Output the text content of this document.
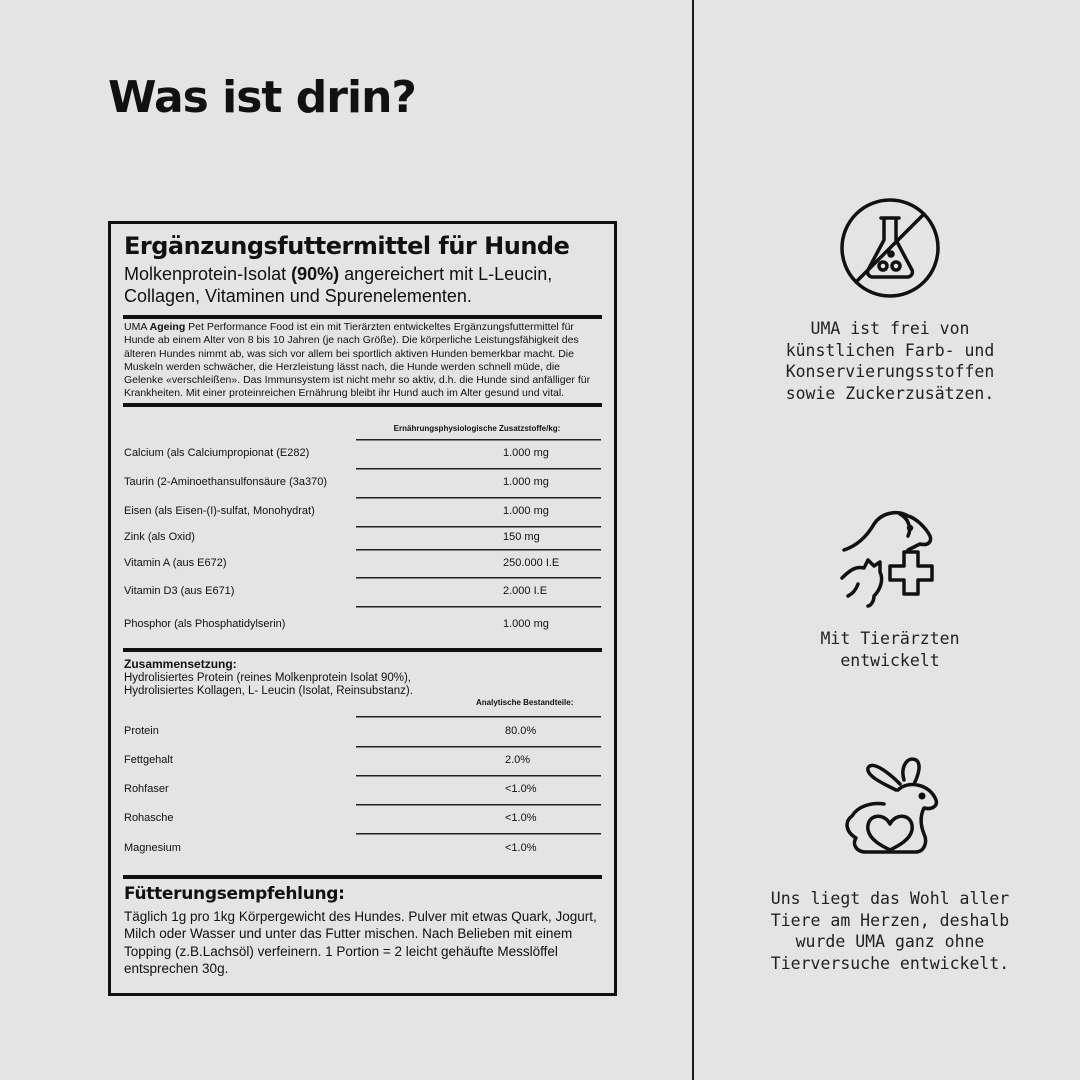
Was ist drin?
Ergänzungsfuttermittel für Hunde
Molkenprotein-Isolat (90%) angereichert mit L-Leucin, Collagen, Vitaminen und Spurenelementen.
UMA Ageing Pet Performance Food ist ein mit Tierärzten entwickeltes Ergänzungsfuttermittel für Hunde ab einem Alter von 8 bis 10 Jahren (je nach Größe). Die körperliche Leistungsfähigkeit des älteren Hundes nimmt ab, was sich vor allem bei sportlich aktiven Hunden bemerkbar macht. Die Muskeln werden schwächer, die Herzleistung lässt nach, die Hunde werden schnell müde, die Gelenke «verschleißen». Das Immunsystem ist nicht mehr so aktiv, d.h. die Hunde sind anfälliger für Krankheiten. Mit einer proteinreichen Ernährung bleibt ihr Hund auch im Alter gesund und vital.
Ernährungsphysiologische Zusatzstoffe/kg:
Calcium (als Calciumpropionat (E282)	1.000 mg
Taurin (2-Aminoethansulfonsäure (3a370)	1.000 mg
Eisen (als Eisen-(I)-sulfat, Monohydrat)	1.000 mg
Zink (als Oxid)	150 mg
Vitamin A (aus E672)	250.000 I.E
Vitamin D3 (aus E671)	2.000 I.E
Phosphor (als Phosphatidylserin)	1.000 mg
Zusammensetzung:
Hydrolisiertes Protein (reines Molkenprotein Isolat 90%), Hydrolisiertes Kollagen, L- Leucin (Isolat, Reinsubstanz).
Analytische Bestandteile:
Protein	80.0%
Fettgehalt	2.0%
Rohfaser	<1.0%
Rohasche	<1.0%
Magnesium	<1.0%
Fütterungsempfehlung:
Täglich 1g pro 1kg Körpergewicht des Hundes. Pulver mit etwas Quark, Jogurt, Milch oder Wasser und unter das Futter mischen. Nach Belieben mit einem Topping (z.B.Lachsöl) verfeinern. 1 Portion = 2 leicht gehäufte Messlöffel entsprechen 30g.
UMA ist frei von künstlichen Farb- und Konservierungsstoffen sowie Zuckerzusätzen.
Mit Tierärzten entwickelt
Uns liegt das Wohl aller Tiere am Herzen, deshalb wurde UMA ganz ohne Tierversuche entwickelt.
